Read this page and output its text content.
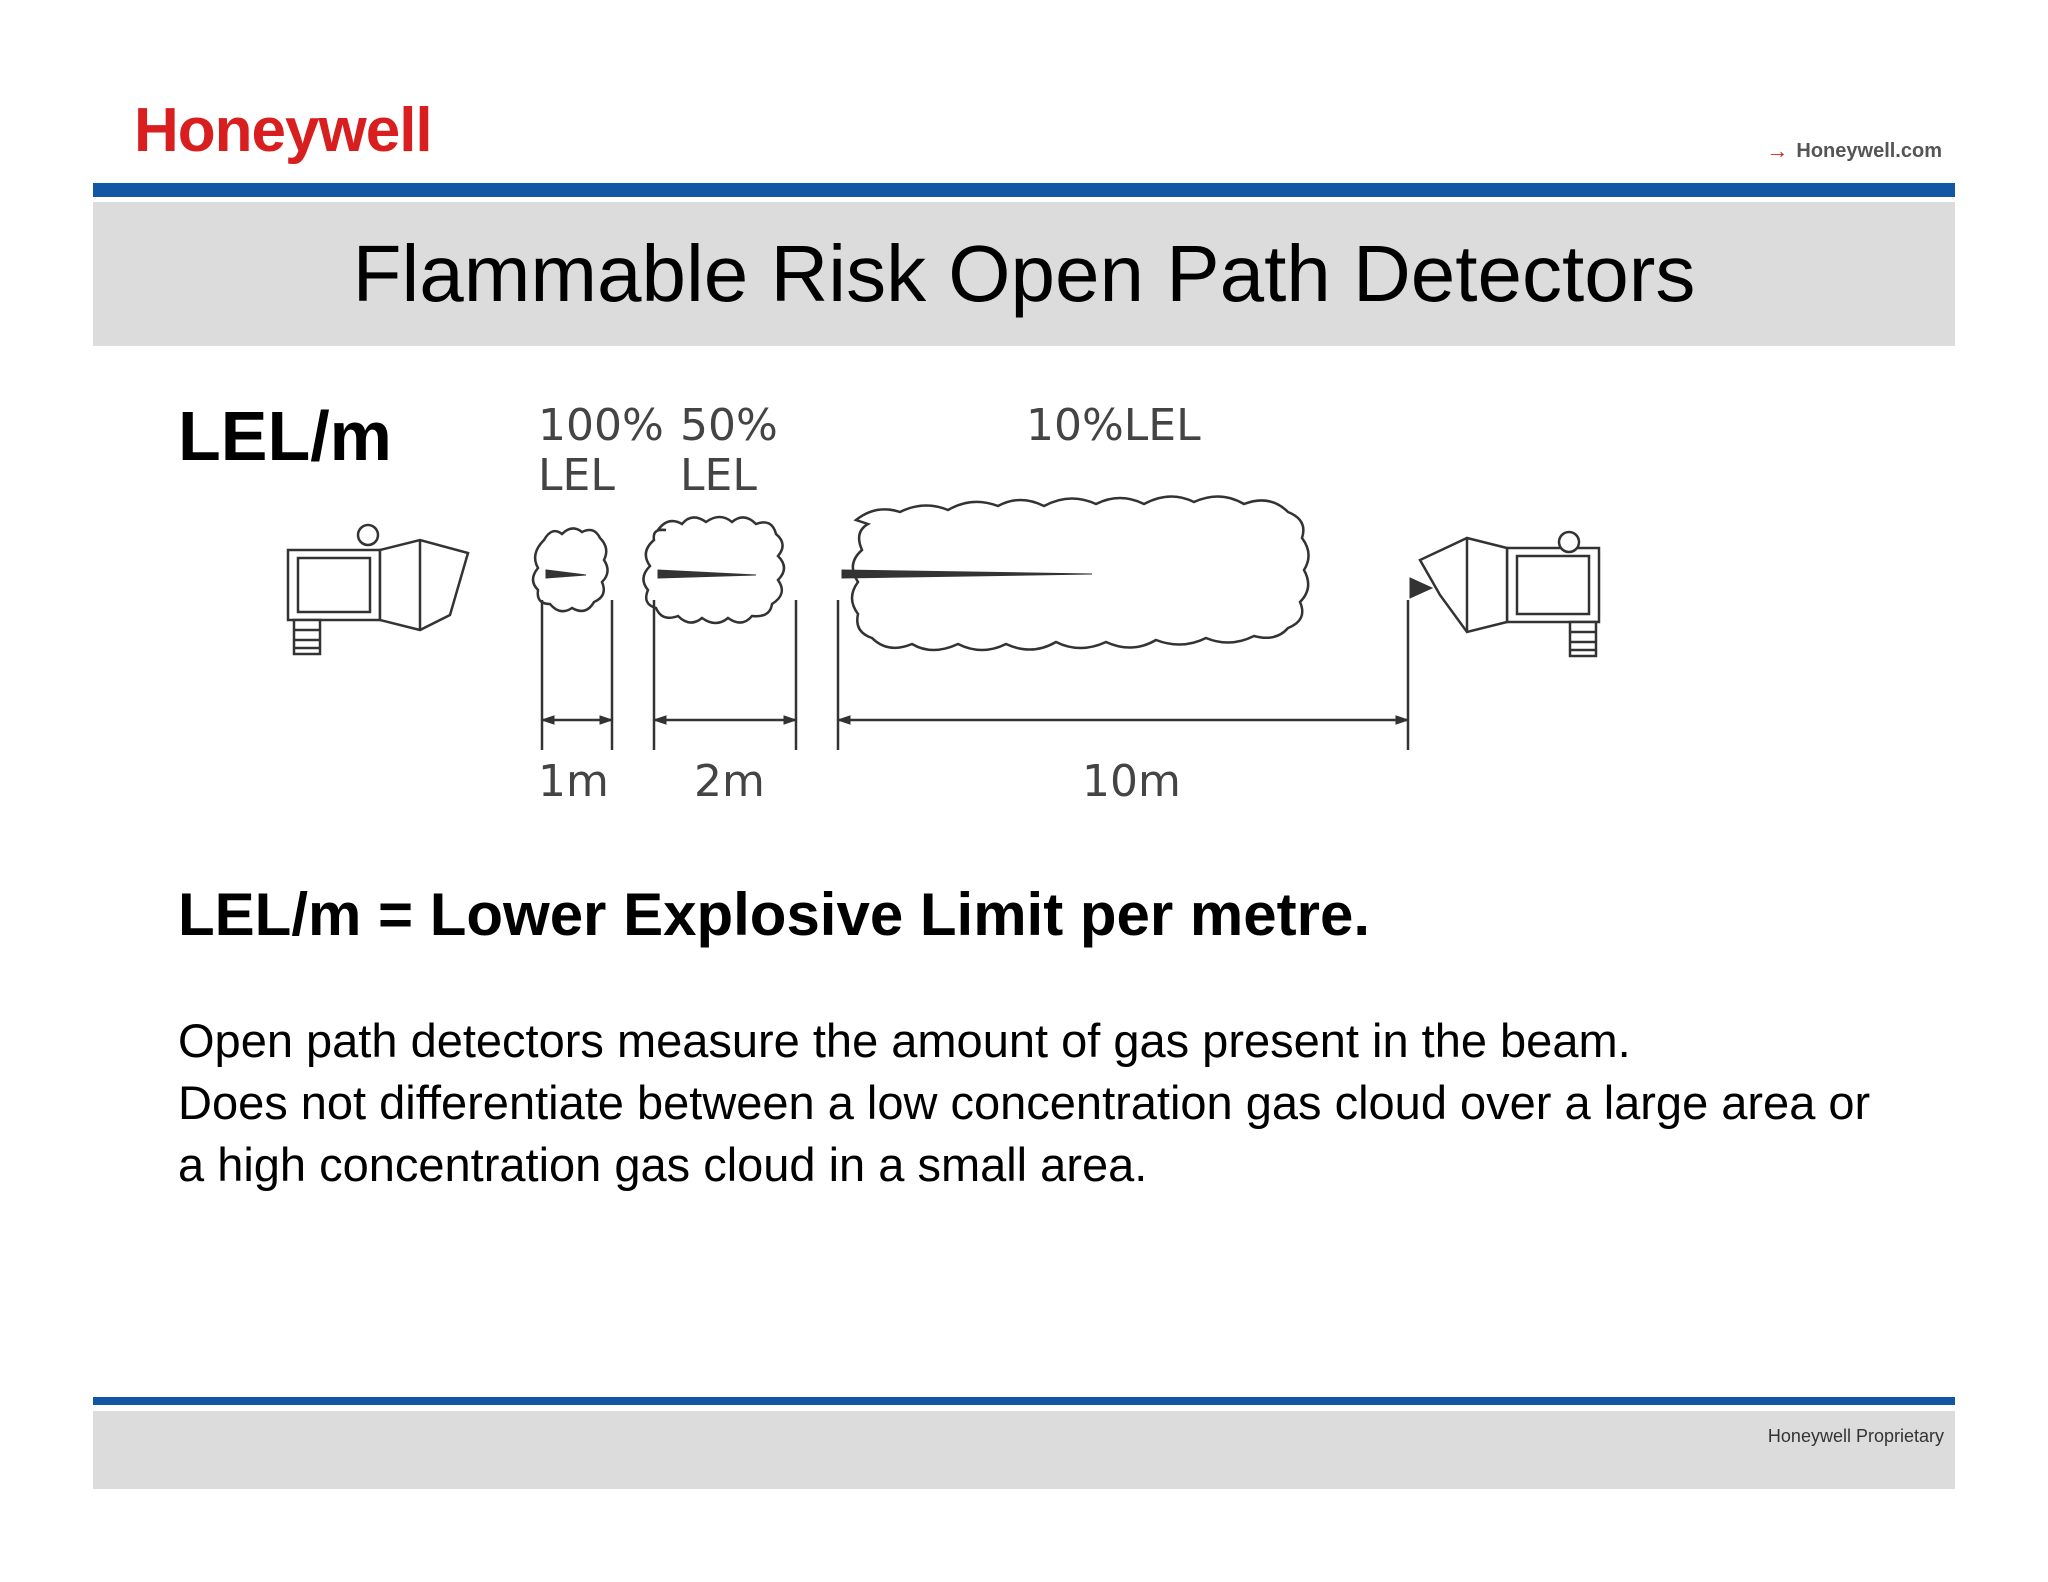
Honeywell	→ Honeywell.com
Flammable Risk Open Path Detectors
LEL/m	100%
LEL
50%
LEL
10%LEL
1m 2m	10m
LEL/m = Lower Explosive Limit per metre.

Open path detectors measure the amount of gas present in the beam.

Does not differentiate between a low concentration gas cloud over a large area or a high concentration gas cloud in a small area.

Honeywell Proprietary
